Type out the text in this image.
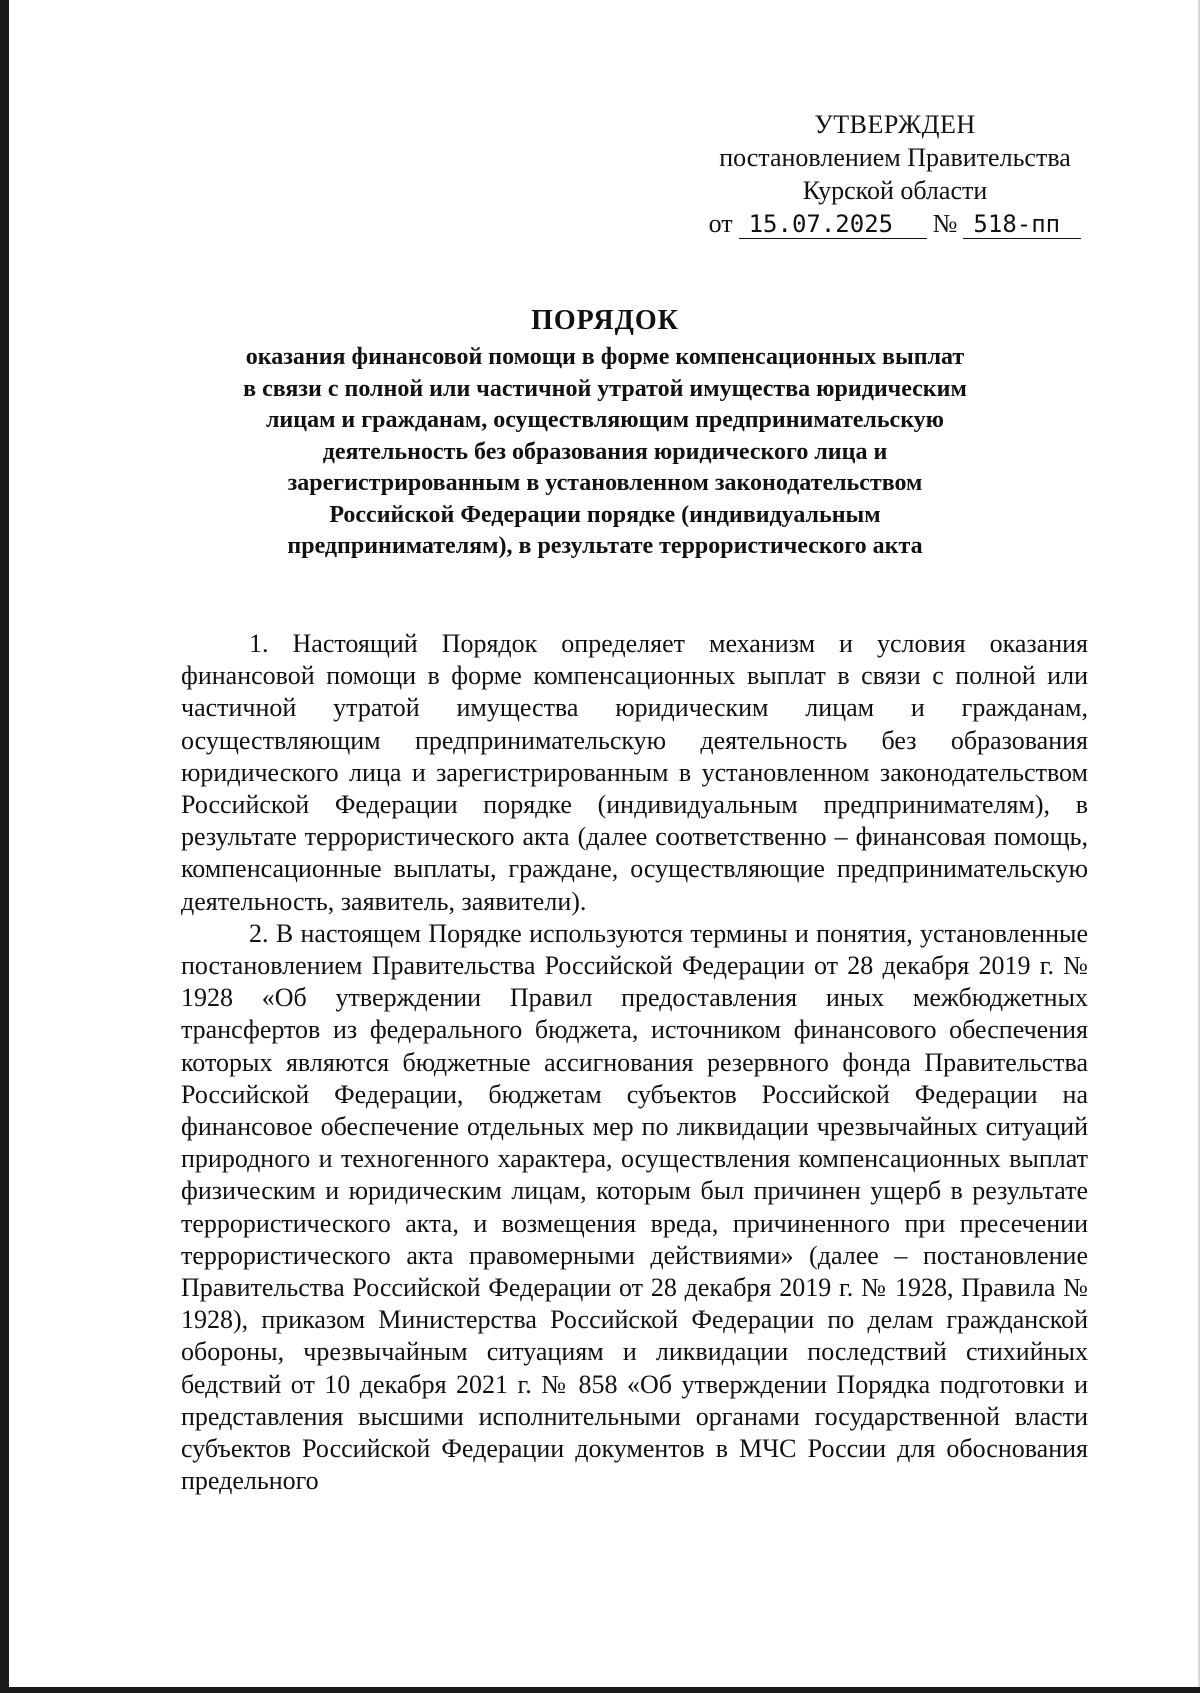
УТВЕРЖДЕН
постановлением Правительства
Курской области
от 15.07.2025	№ 518-пп
ПОРЯДОК
оказания финансовой помощи в форме компенсационных выплат
в связи с полной или частичной утратой имущества юридическим
лицам и гражданам, осуществляющим предпринимательскую
деятельность без образования юридического лица и
зарегистрированным в установленном законодательством
Российской Федерации порядке (индивидуальным
предпринимателям), в результате террористического акта

1. Настоящий Порядок определяет механизм и условия оказания финансовой помощи в форме компенсационных выплат в связи с полной или частичной утратой имущества юридическим лицам и гражданам, осуществляющим предпринимательскую деятельность без образования юридического лица и зарегистрированным в установленном законодательством Российской Федерации порядке (индивидуальным предпринимателям), в результате террористического акта (далее соответственно – финансовая помощь, компенсационные выплаты, граждане, осуществляющие предпринимательскую деятельность, заявитель, заявители).

2. В настоящем Порядке используются термины и понятия, установленные постановлением Правительства Российской Федерации от 28 декабря 2019 г. № 1928 «Об утверждении Правил предоставления иных межбюджетных трансфертов из федерального бюджета, источником финансового обеспечения которых являются бюджетные ассигнования резервного фонда Правительства Российской Федерации, бюджетам субъектов Российской Федерации на финансовое обеспечение отдельных мер по ликвидации чрезвычайных ситуаций природного и техногенного характера, осуществления компенсационных выплат физическим и юридическим лицам, которым был причинен ущерб в результате террористического акта, и возмещения вреда, причиненного при пресечении террористического акта правомерными действиями» (далее – постановление Правительства Российской Федерации от 28 декабря 2019 г. № 1928, Правила № 1928), приказом Министерства Российской Федерации по делам гражданской обороны, чрезвычайным ситуациям и ликвидации последствий стихийных бедствий от 10 декабря 2021 г. № 858 «Об утверждении Порядка подготовки и представления высшими исполнительными органами государственной власти субъектов Российской Федерации документов в МЧС России для обоснования предельного
